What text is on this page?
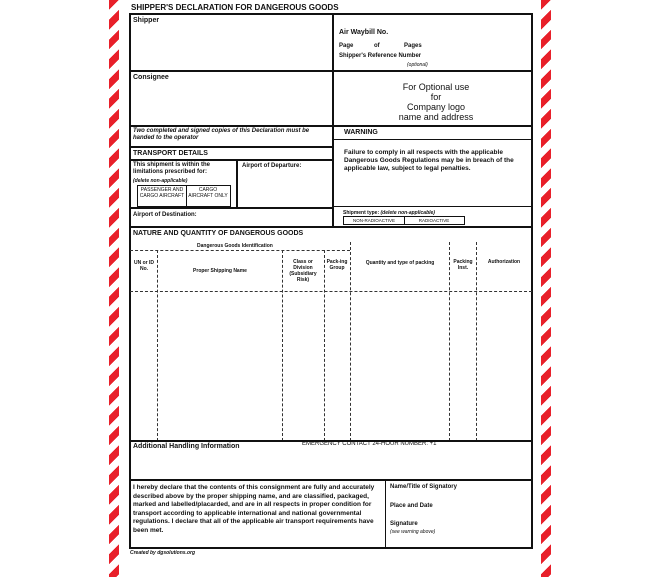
SHIPPER'S DECLARATION FOR DANGEROUS GOODS
Shipper
Air Waybill No.
Page	of	Pages
Shipper's Reference Number
(optional)
Consignee
For Optional use
for
Company logo
name and address
Two completed and signed copies of this Declaration must be handed to the operator
WARNING
Failure to comply in all respects with the applicable Dangerous Goods Regulations may be in breach of the applicable law, subject to legal penalties.
TRANSPORT DETAILS
This shipment is within the limitations prescribed for:
(delete non-applicable)
Airport of Departure:
PASSENGER AND CARGO AIRCRAFT
CARGO AIRCRAFT ONLY
Airport of Destination:	Shipment type: (delete non-applicable)
NON-RADIOACTIVE	RADIOACTIVE
NATURE AND QUANTITY OF DANGEROUS GOODS
Dangerous Goods Identification
UN or ID No.	Proper Shipping Name
Class or Division (Subsidiary Risk)
Pack-ing Group
Quantity and type of packing	Packing Inst.
Authorization
Additional Handling Information	EMERGENCY CONTACT 24-HOUR NUMBER: +1
I hereby declare that the contents of this consignment are fully and accurately described above by the proper shipping name, and are classified, packaged, marked and labelled/placarded, and are in all respects in proper condition for transport according to applicable international and national governmental regulations. I declare that all of the applicable air transport requirements have been met.
Name/Title of Signatory
Place and Date
Signature
(see warning above)
Created by dgsolutions.org
